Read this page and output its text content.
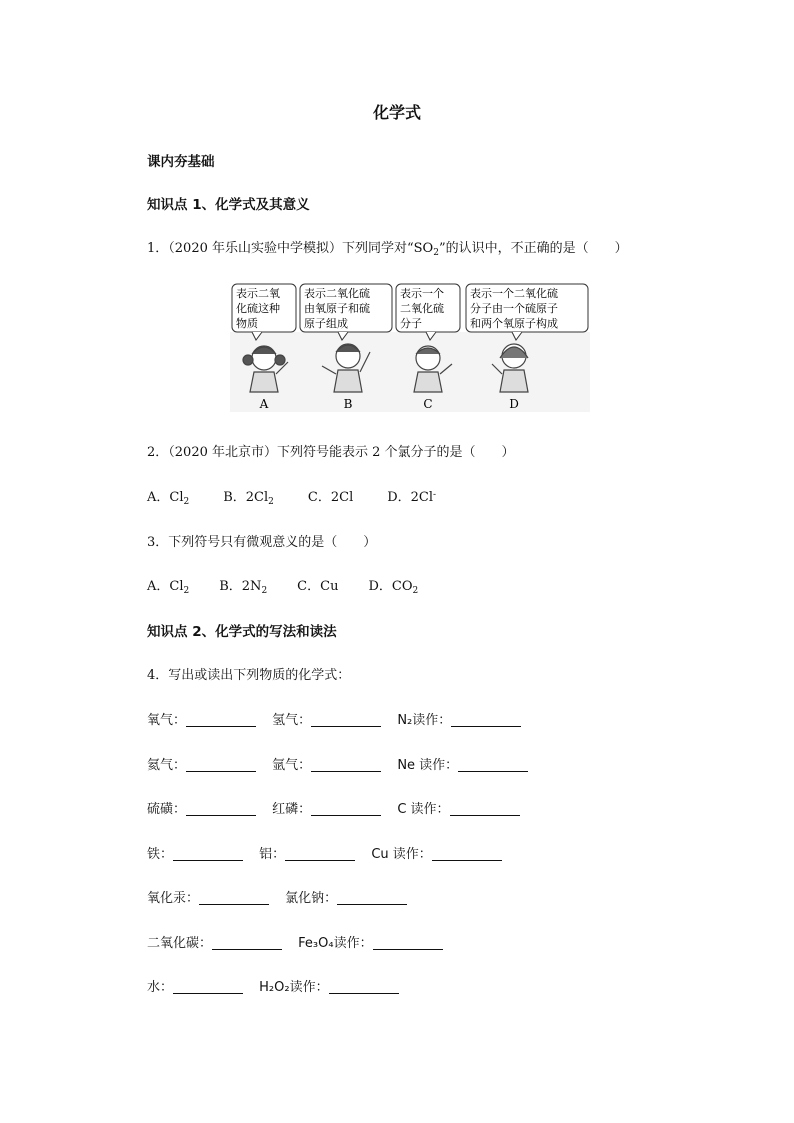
化学式
课内夯基础
知识点 1、化学式及其意义
1．（2020 年乐山实验中学模拟）下列同学对“$SO_2$”的认识中，不正确的是（　　）
表示二氧
化硫这种
物质
表示二氧化硫
由氧原子和硫
原子组成
表示一个
二氧化硫
分子
表示一个二氧化硫
分子由一个硫原子
和两个氧原子构成
A	B	C	D
2．（2020 年北京市）下列符号能表示 2 个氯分子的是（　　）
A．$Cl_2$	B．$2Cl_2$	C．2Cl	D．2Cl-
3．下列符号只有微观意义的是（　　）
A．$Cl_2$ B．$2N_2$ C．Cu D．$CO_2$
知识点 2、化学式的写法和读法
4．写出或读出下列物质的化学式：
氧气：	氢气：	N₂读作：
氦气：	氩气：	Ne 读作：
硫磺：	红磷：	C 读作：
铁：	铝：	Cu 读作：
氧化汞：	氯化钠：
二氧化碳：	Fe₃O₄读作：
水：	H₂O₂读作：
